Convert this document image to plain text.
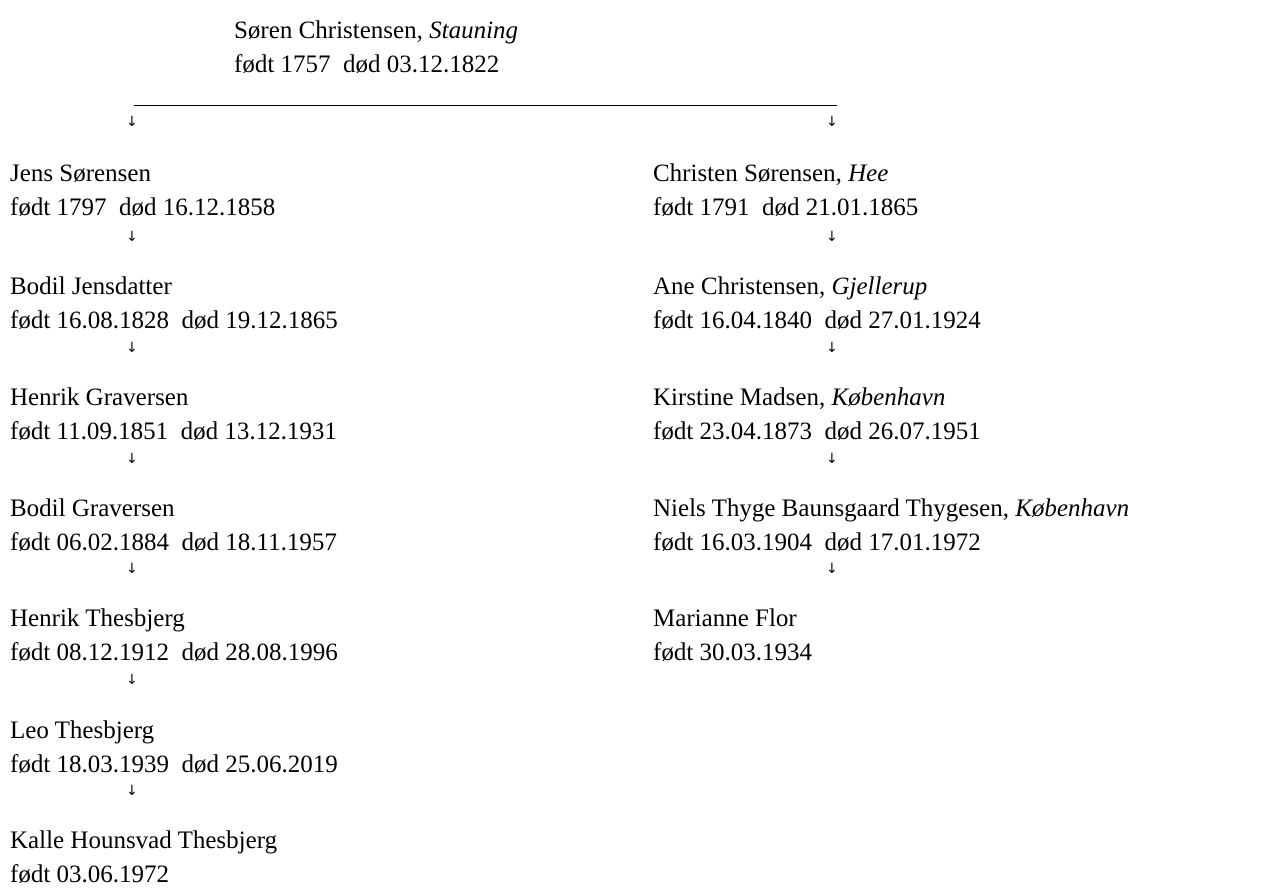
Søren Christensen, Stauning
født 1757  død 03.12.1822
↓	↓
Jens Sørensen
født 1797  død 16.12.1858
↓
Bodil Jensdatter
født 16.08.1828  død 19.12.1865
↓
Henrik Graversen
født 11.09.1851  død 13.12.1931
↓
Bodil Graversen
født 06.02.1884  død 18.11.1957
↓
Henrik Thesbjerg
født 08.12.1912  død 28.08.1996
↓
Leo Thesbjerg
født 18.03.1939  død 25.06.2019
↓
Kalle Hounsvad Thesbjerg
født 03.06.1972
Christen Sørensen, Hee
født 1791  død 21.01.1865
↓
Ane Christensen, Gjellerup
født 16.04.1840  død 27.01.1924
↓
Kirstine Madsen, København
født 23.04.1873  død 26.07.1951
↓
Niels Thyge Baunsgaard Thygesen, København
født 16.03.1904  død 17.01.1972
↓
Marianne Flor
født 30.03.1934
